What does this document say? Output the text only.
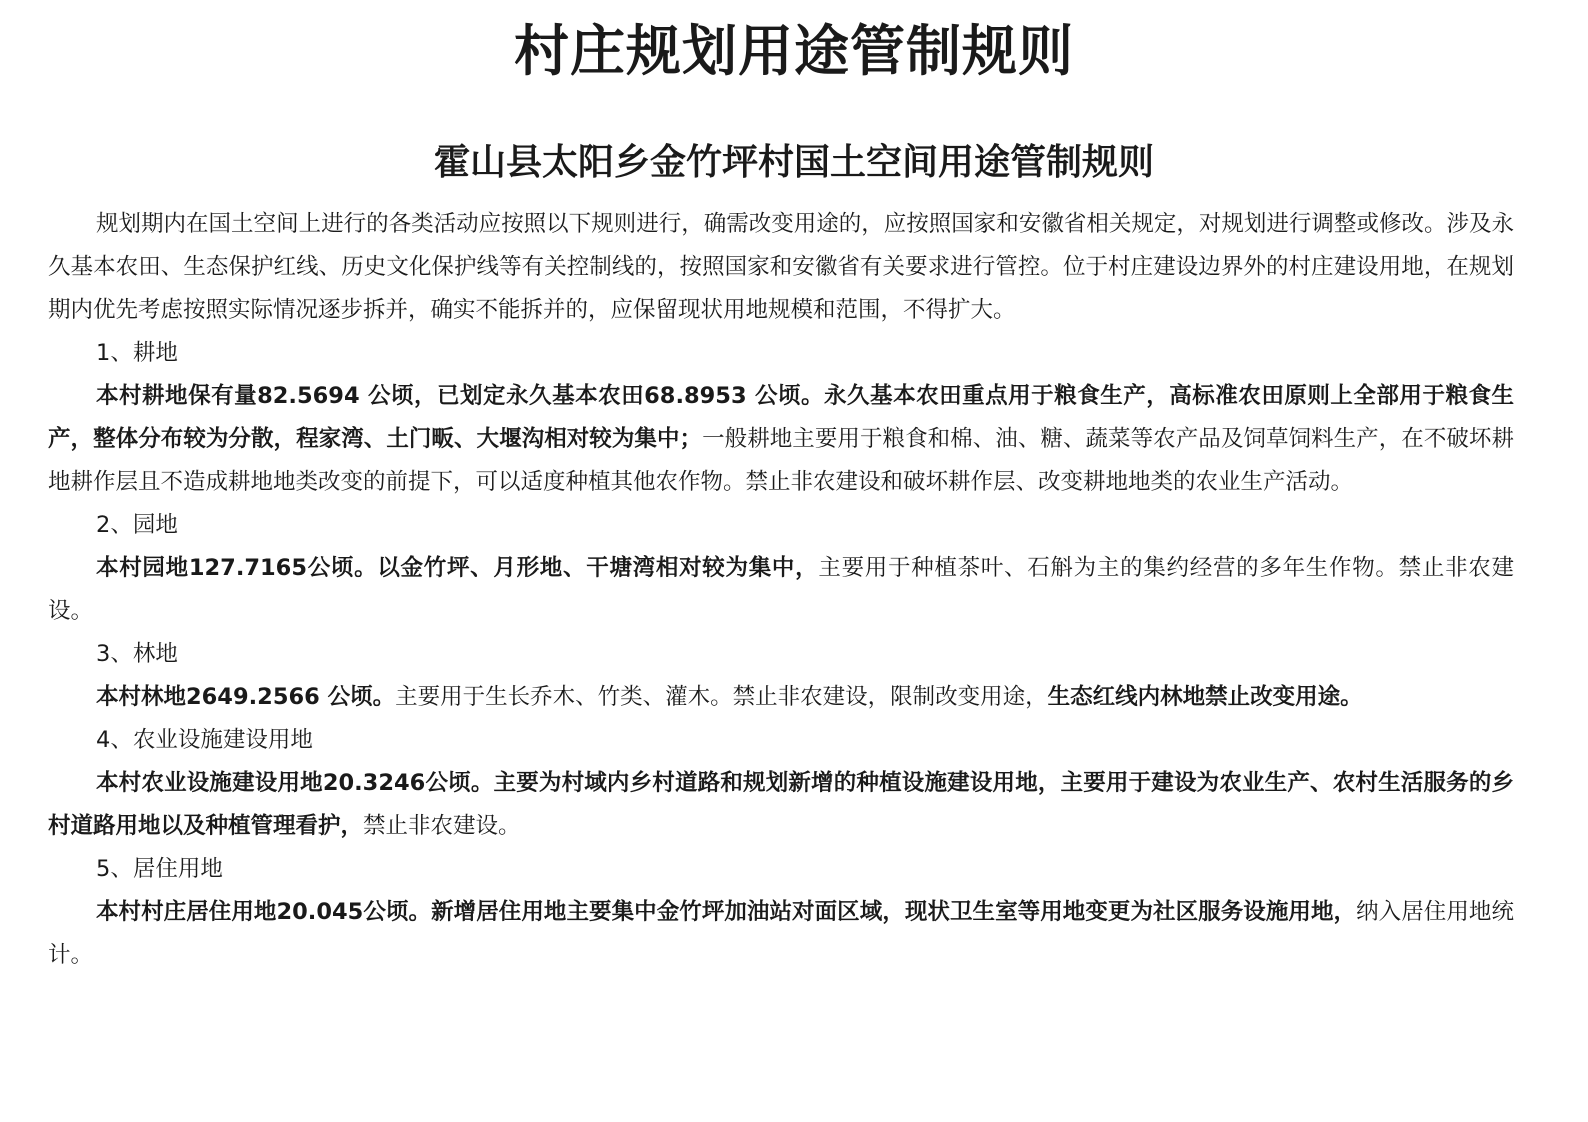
村庄规划用途管制规则
霍山县太阳乡金竹坪村国土空间用途管制规则

规划期内在国土空间上进行的各类活动应按照以下规则进行，确需改变用途的，应按照国家和安徽省相关规定，对规划进行调整或修改。涉及永久基本农田、生态保护红线、历史文化保护线等有关控制线的，按照国家和安徽省有关要求进行管控。位于村庄建设边界外的村庄建设用地，在规划期内优先考虑按照实际情况逐步拆并，确实不能拆并的，应保留现状用地规模和范围，不得扩大。

1、耕地

本村耕地保有量82.5694 公顷，已划定永久基本农田68.8953 公顷。永久基本农田重点用于粮食生产，高标准农田原则上全部用于粮食生产，整体分布较为分散，程家湾、土门畈、大堰沟相对较为集中；一般耕地主要用于粮食和棉、油、糖、蔬菜等农产品及饲草饲料生产，在不破坏耕地耕作层且不造成耕地地类改变的前提下，可以适度种植其他农作物。禁止非农建设和破坏耕作层、改变耕地地类的农业生产活动。

2、园地

本村园地127.7165公顷。以金竹坪、月形地、干塘湾相对较为集中，主要用于种植茶叶、石斛为主的集约经营的多年生作物。禁止非农建设。

3、林地

本村林地2649.2566 公顷。主要用于生长乔木、竹类、灌木。禁止非农建设，限制改变用途，生态红线内林地禁止改变用途。

4、农业设施建设用地

本村农业设施建设用地20.3246公顷。主要为村域内乡村道路和规划新增的种植设施建设用地，主要用于建设为农业生产、农村生活服务的乡村道路用地以及种植管理看护，禁止非农建设。

5、居住用地

本村村庄居住用地20.045公顷。新增居住用地主要集中金竹坪加油站对面区域，现状卫生室等用地变更为社区服务设施用地，纳入居住用地统计。
